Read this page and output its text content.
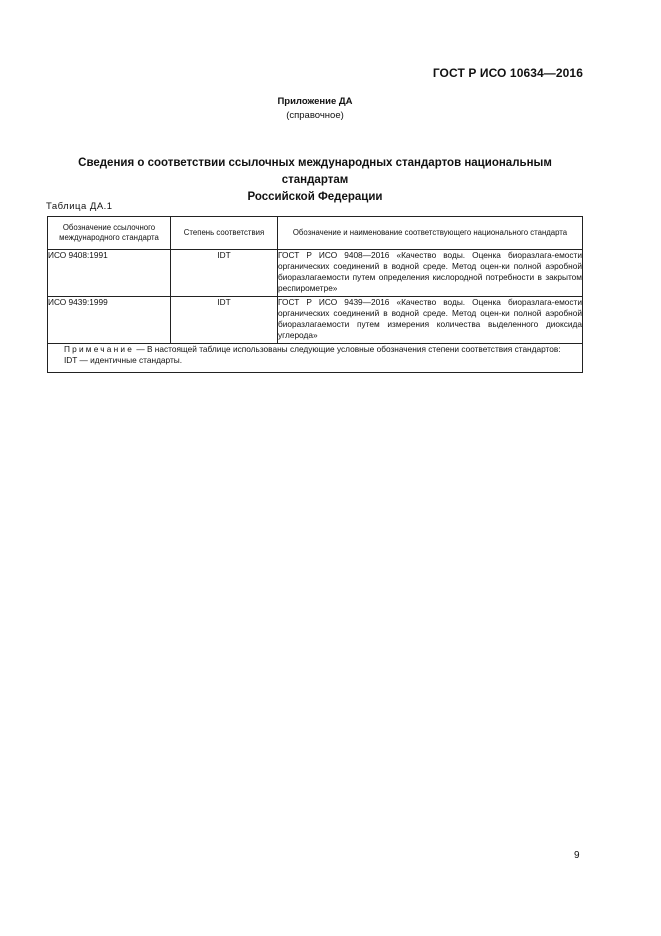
ГОСТ Р ИСО 10634—2016
Приложение ДА
(справочное)
Сведения о соответствии ссылочных международных стандартов национальным стандартам
Российской Федерации
Таблица ДА.1
Обозначение ссылочного международного стандарта	Степень соответствия	Обозначение и наименование соответствующего национального стандарта
ИСО 9408:1991	IDT	ГОСТ Р ИСО 9408—2016 «Качество воды. Оценка биоразлага-емости органических соединений в водной среде. Метод оцен-ки полной аэробной биоразлагаемости путем определения кислородной потребности в закрытом респирометре»
ИСО 9439:1999	IDT	ГОСТ Р ИСО 9439—2016 «Качество воды. Оценка биоразлага-емости органических соединений в водной среде. Метод оцен-ки полной аэробной биоразлагаемости путем измерения количества выделенного диоксида углерода»
Примечание — В настоящей таблице использованы следующие условные обозначения степени соответствия стандартов:
IDT — идентичные стандарты.		
9
